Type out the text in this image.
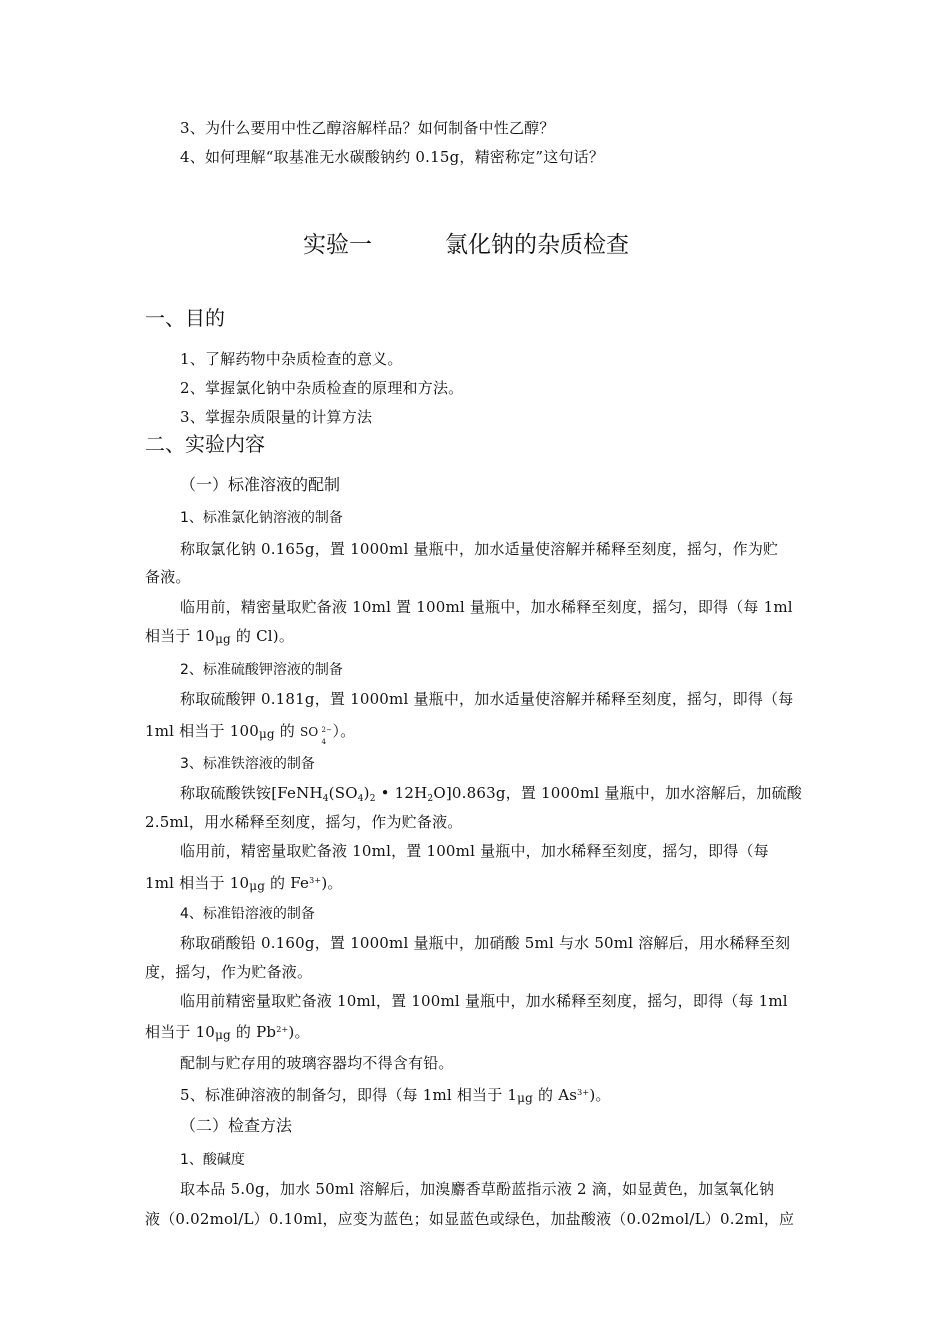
3、为什么要用中性乙醇溶解样品？如何制备中性乙醇？
4、如何理解“取基准无水碳酸钠约 0.15g，精密称定”这句话？
实验一	氯化钠的杂质检查
一、目的
1、了解药物中杂质检查的意义。
2、掌握氯化钠中杂质检查的原理和方法。
3、掌握杂质限量的计算方法
二、实验内容
（一）标准溶液的配制
1、标准氯化钠溶液的制备
称取氯化钠 0.165g，置 1000ml 量瓶中，加水适量使溶解并稀释至刻度，摇匀，作为贮
备液。
临用前，精密量取贮备液 10ml 置 100ml 量瓶中，加水稀释至刻度，摇匀，即得（每 1ml
相当于 10μg 的 Cl)。
2、标准硫酸钾溶液的制备
称取硫酸钾 0.181g，置 1000ml 量瓶中，加水适量使溶解并稀释至刻度，摇匀，即得（每
1ml 相当于 100μg 的 SO 2−
4
）。
3、标准铁溶液的制备
称取硫酸铁铵[$FeNH_4(SO_4)_2$ • $12H_2O]0.863g$，置 1000ml 量瓶中，加水溶解后，加硫酸
2.5ml，用水稀释至刻度，摇匀，作为贮备液。
临用前，精密量取贮备液 10ml，置 100ml 量瓶中，加水稀释至刻度，摇匀，即得（每
1ml 相当于 10μg 的 $Fe^{3+}$)。
4、标准铅溶液的制备
称取硝酸铅 0.160g，置 1000ml 量瓶中，加硝酸 5ml 与水 50ml 溶解后，用水稀释至刻
度，摇匀，作为贮备液。
临用前精密量取贮备液 10ml，置 100ml 量瓶中，加水稀释至刻度，摇匀，即得（每 1ml
相当于 10μg 的 $Pb^{2+}$)。
配制与贮存用的玻璃容器均不得含有铅。
5、标准砷溶液的制备匀，即得（每 1ml 相当于 1μg 的 $As^{3+}$)。
（二）检查方法
1、酸碱度
取本品 5.0g，加水 50ml 溶解后，加溴麝香草酚蓝指示液 2 滴，如显黄色，加氢氧化钠
液（0.02mol/L）0.10ml，应变为蓝色；如显蓝色或绿色，加盐酸液（0.02mol/L）0.2ml，应
